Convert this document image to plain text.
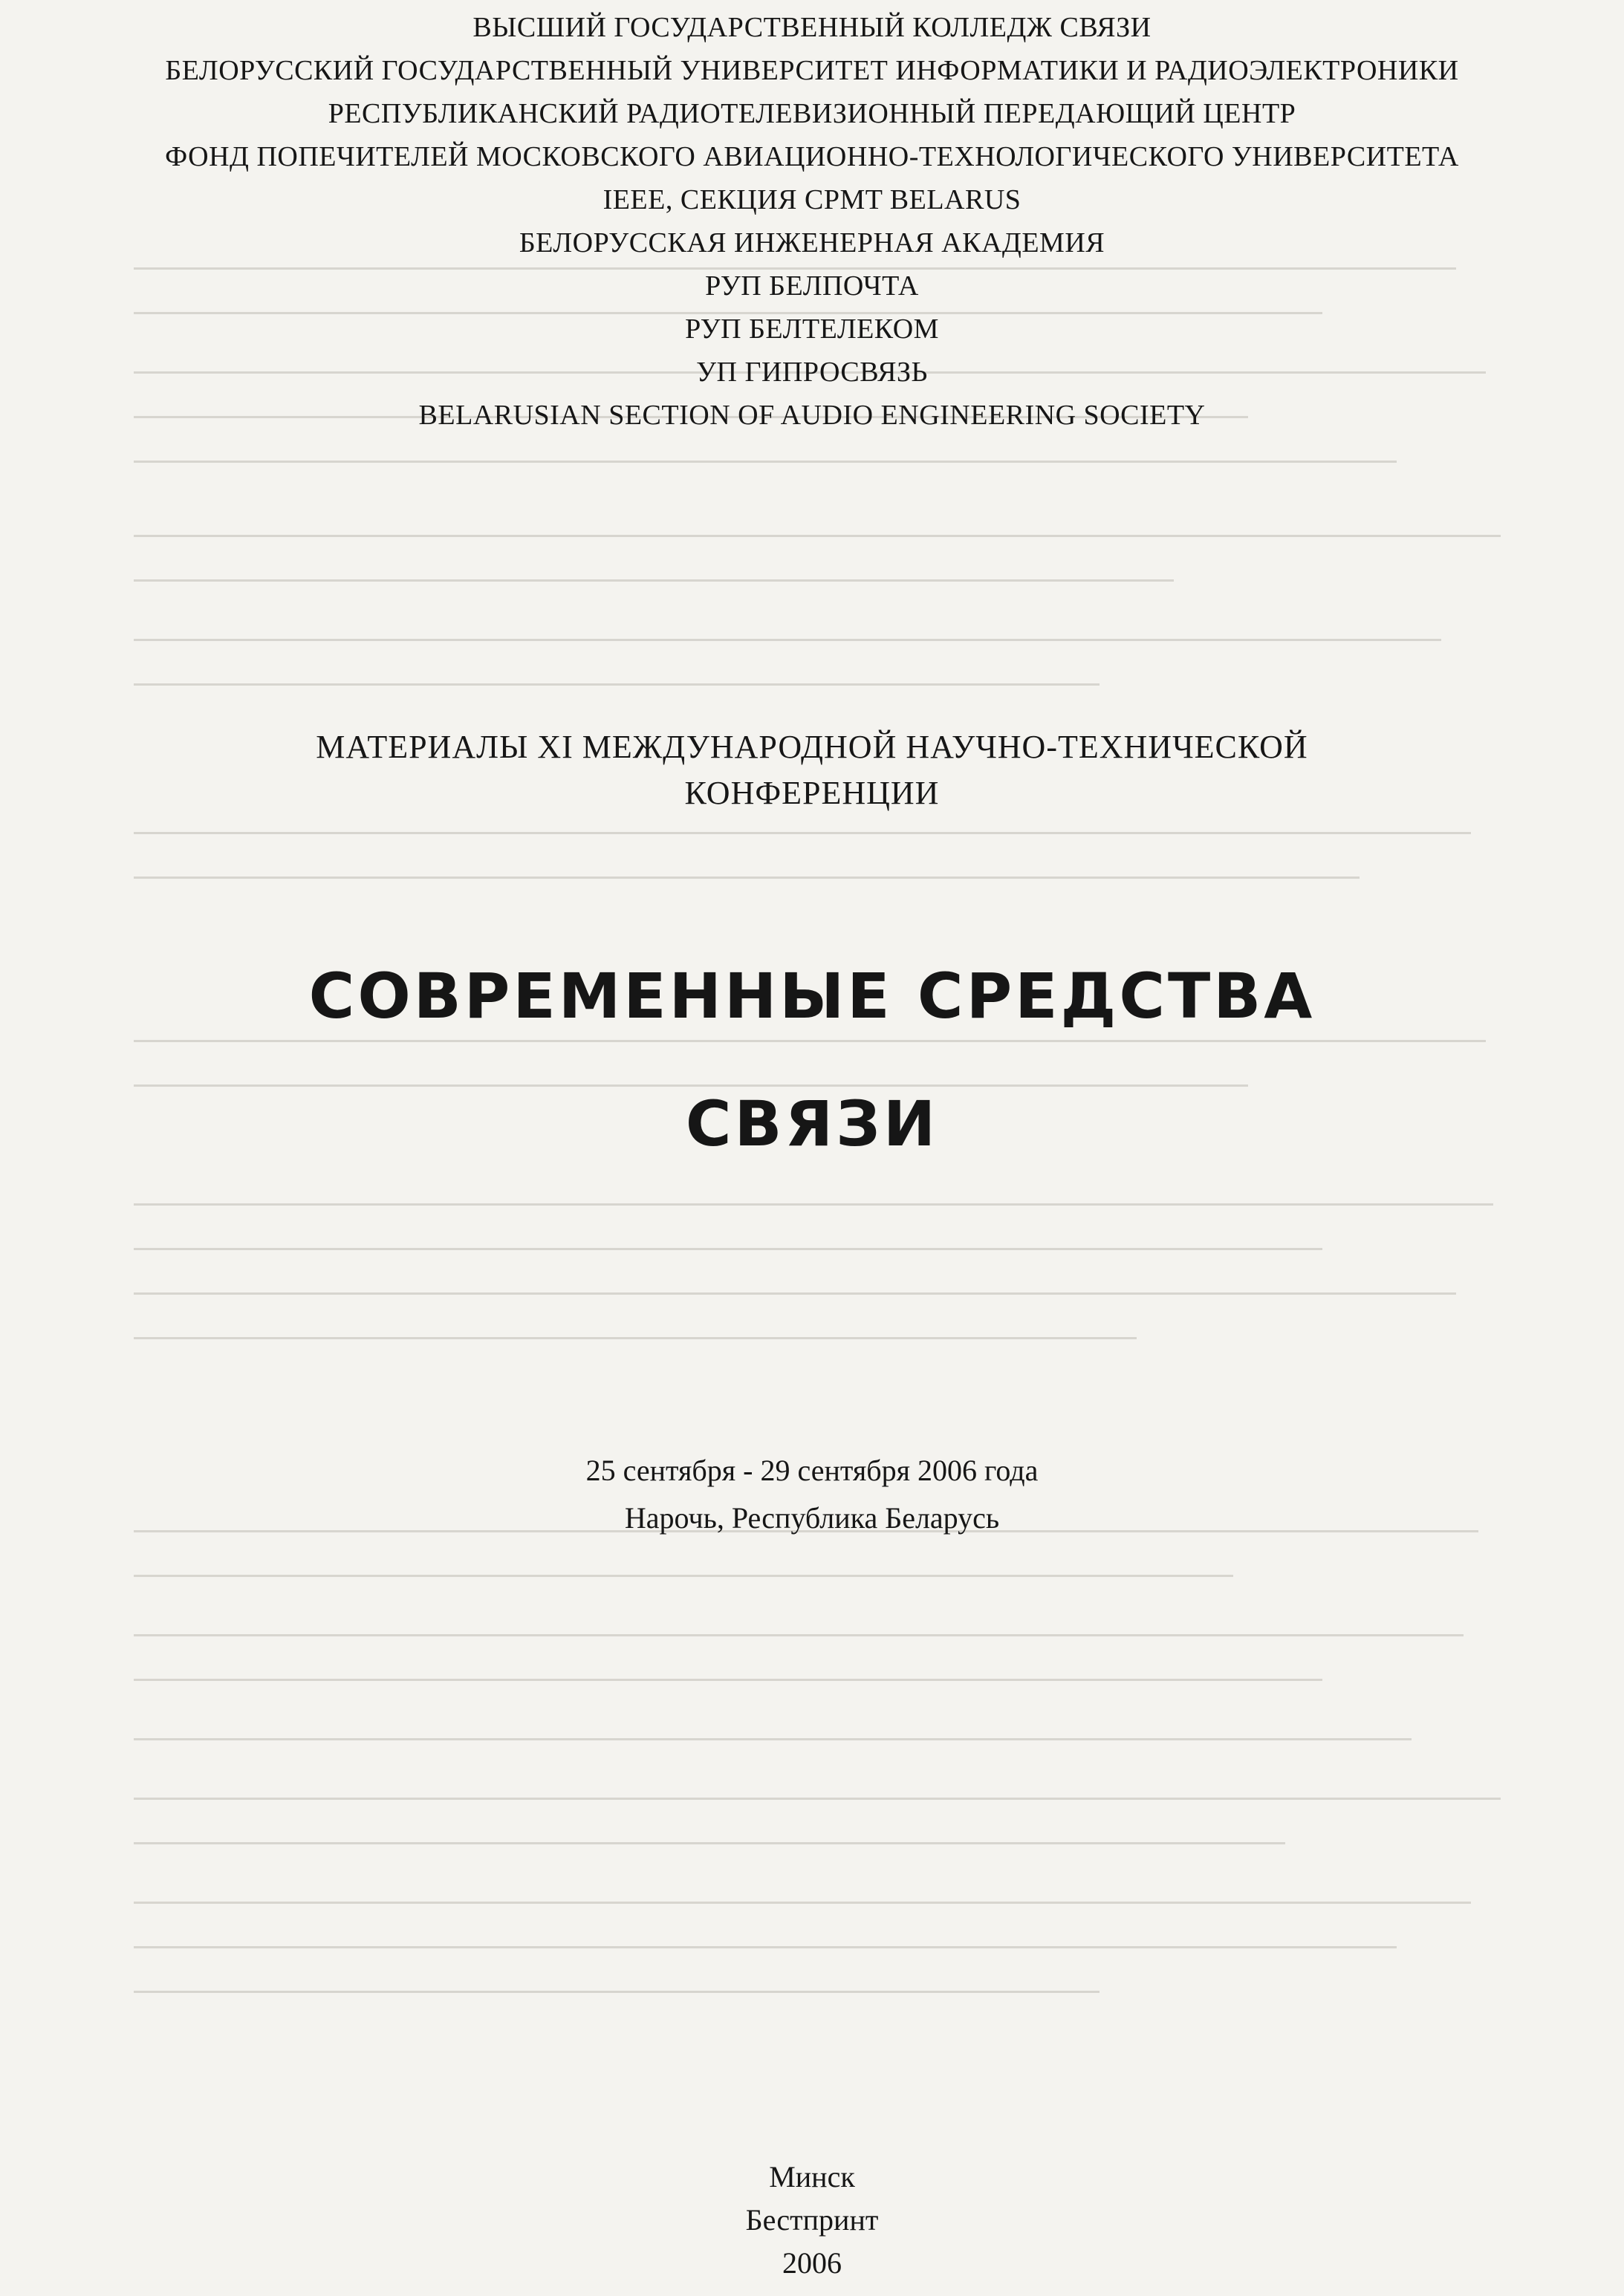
ВЫСШИЙ ГОСУДАРСТВЕННЫЙ КОЛЛЕДЖ СВЯЗИ
БЕЛОРУССКИЙ ГОСУДАРСТВЕННЫЙ УНИВЕРСИТЕТ ИНФОРМАТИКИ И РАДИОЭЛЕКТРОНИКИ
РЕСПУБЛИКАНСКИЙ РАДИОТЕЛЕВИЗИОННЫЙ ПЕРЕДАЮЩИЙ ЦЕНТР
ФОНД ПОПЕЧИТЕЛЕЙ МОСКОВСКОГО АВИАЦИОННО-ТЕХНОЛОГИЧЕСКОГО УНИВЕРСИТЕТА
IEEE, СЕКЦИЯ CPMT BELARUS
БЕЛОРУССКАЯ ИНЖЕНЕРНАЯ АКАДЕМИЯ
РУП БЕЛПОЧТА
РУП БЕЛТЕЛЕКОМ
УП ГИПРОСВЯЗЬ
BELARUSIAN SECTION OF AUDIO ENGINEERING SOCIETY
МАТЕРИАЛЫ XI МЕЖДУНАРОДНОЙ НАУЧНО-ТЕХНИЧЕСКОЙ
КОНФЕРЕНЦИИ
СОВРЕМЕННЫЕ СРЕДСТВА
СВЯЗИ
25 сентября - 29 сентября 2006 года
Нарочь, Республика Беларусь
Минск
Бестпринт
2006
